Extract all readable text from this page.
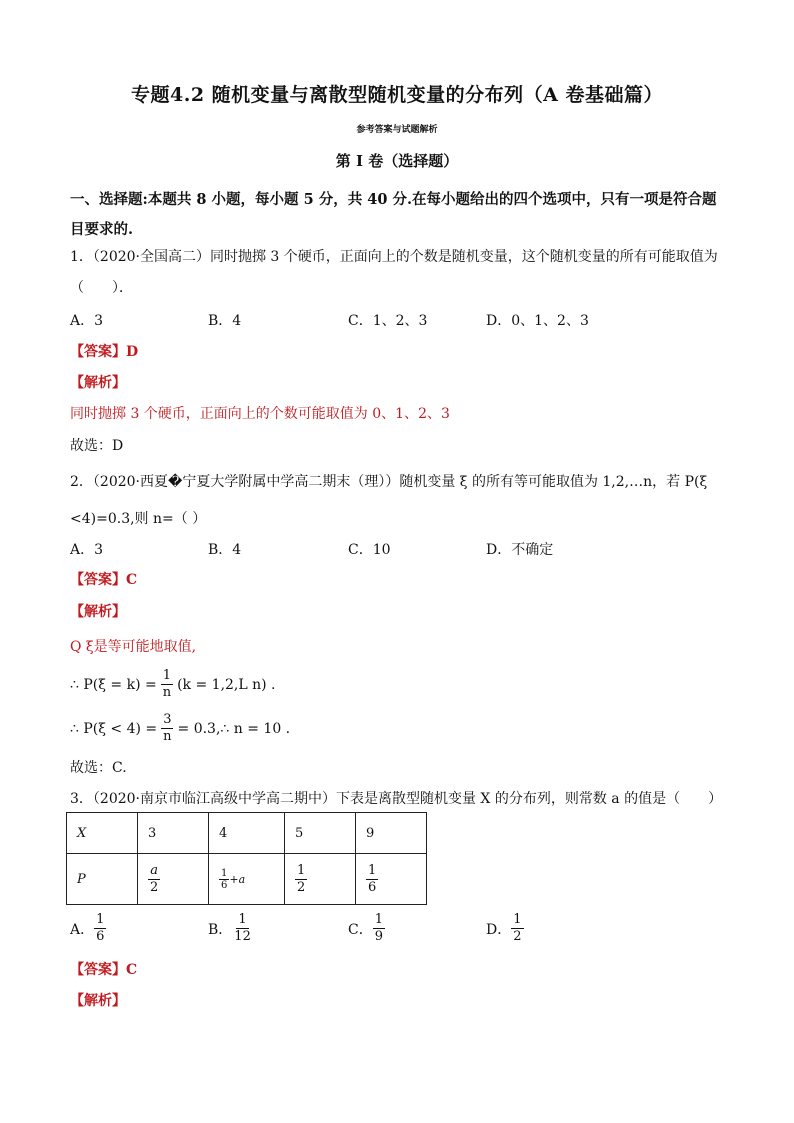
专题4.2 随机变量与离散型随机变量的分布列（A 卷基础篇）
参考答案与试题解析
第 I 卷（选择题）
一、选择题:本题共 8 小题，每小题 5 分，共 40 分.在每小题给出的四个选项中，只有一项是符合题目要求的.
1．（2020·全国高二）同时抛掷 3 个硬币，正面向上的个数是随机变量，这个随机变量的所有可能取值为
（　　）．
A．3	B．4	C．1、2、3	D．0、1、2、3
【答案】D
【解析】
同时抛掷 3 个硬币，正面向上的个数可能取值为 0、1、2、3
故选：D
2．（2020·西夏�宁夏大学附属中学高二期末（理））随机变量 ξ 的所有等可能取值为 1,2,…n，若 P(ξ
<4)=0.3,则 n=（ ）
A．3	B．4	C．10	D．不确定
【答案】C
【解析】
Q ξ是等可能地取值,
∴ $P(\xi = k) = \frac{1}{n} (k = 1,2,L$ n) .
∴ $P(\xi < 4) = \frac{3}{n}$ = 0.3,∴ n = 10 .
故选：C.
3．（2020·南京市临江高级中学高二期中）下表是离散型随机变量 X 的分布列，则常数 a 的值是（　　）
X	3	4	5	9
P	$\frac{a}{2}$	$\frac{1}{6} +a$	$\frac{1}{2}$	$\frac{1}{6}$
A． $\frac{1}{6}$	B． $\frac{1}{12}$	C． $\frac{1}{9}$	D． $\frac{1}{2}$
【答案】C
【解析】
